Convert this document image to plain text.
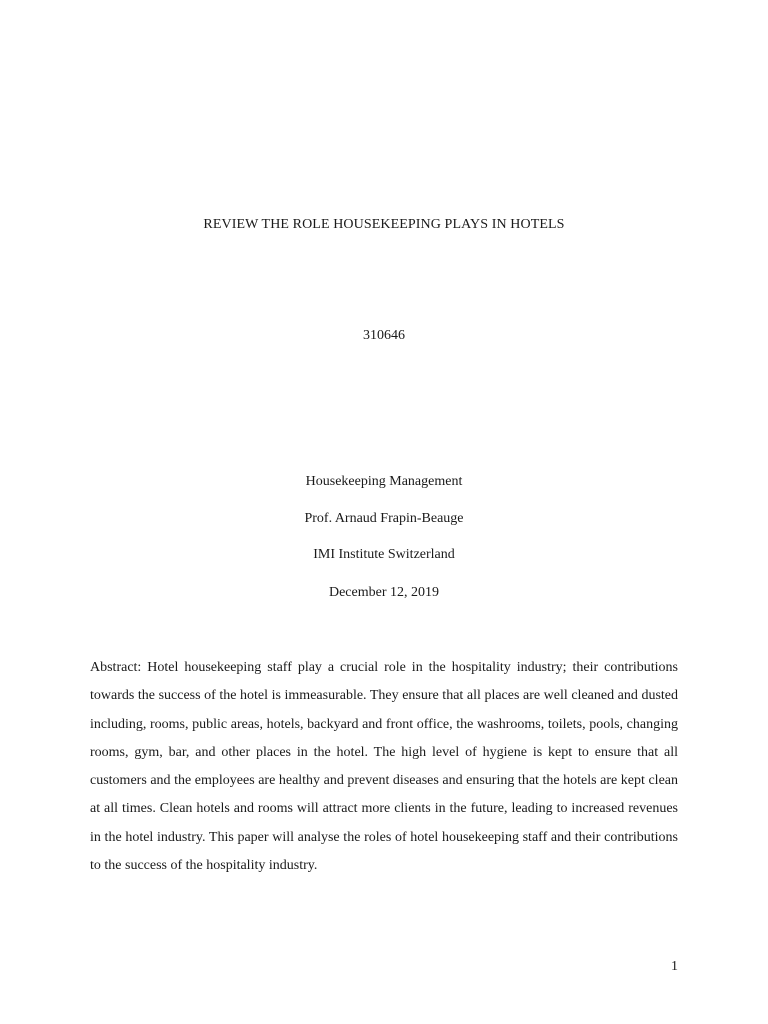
REVIEW THE ROLE HOUSEKEEPING PLAYS IN HOTELS
310646
Housekeeping Management
Prof. Arnaud Frapin-Beauge
IMI Institute Switzerland
December 12, 2019

Abstract: Hotel housekeeping staff play a crucial role in the hospitality industry; their contributions towards the success of the hotel is immeasurable. They ensure that all places are well cleaned and dusted including, rooms, public areas, hotels, backyard and front office, the washrooms, toilets, pools, changing rooms, gym, bar, and other places in the hotel. The high level of hygiene is kept to ensure that all customers and the employees are healthy and prevent diseases and ensuring that the hotels are kept clean at all times. Clean hotels and rooms will attract more clients in the future, leading to increased revenues in the hotel industry. This paper will analyse the roles of hotel housekeeping staff and their contributions to the success of the hospitality industry.

1
